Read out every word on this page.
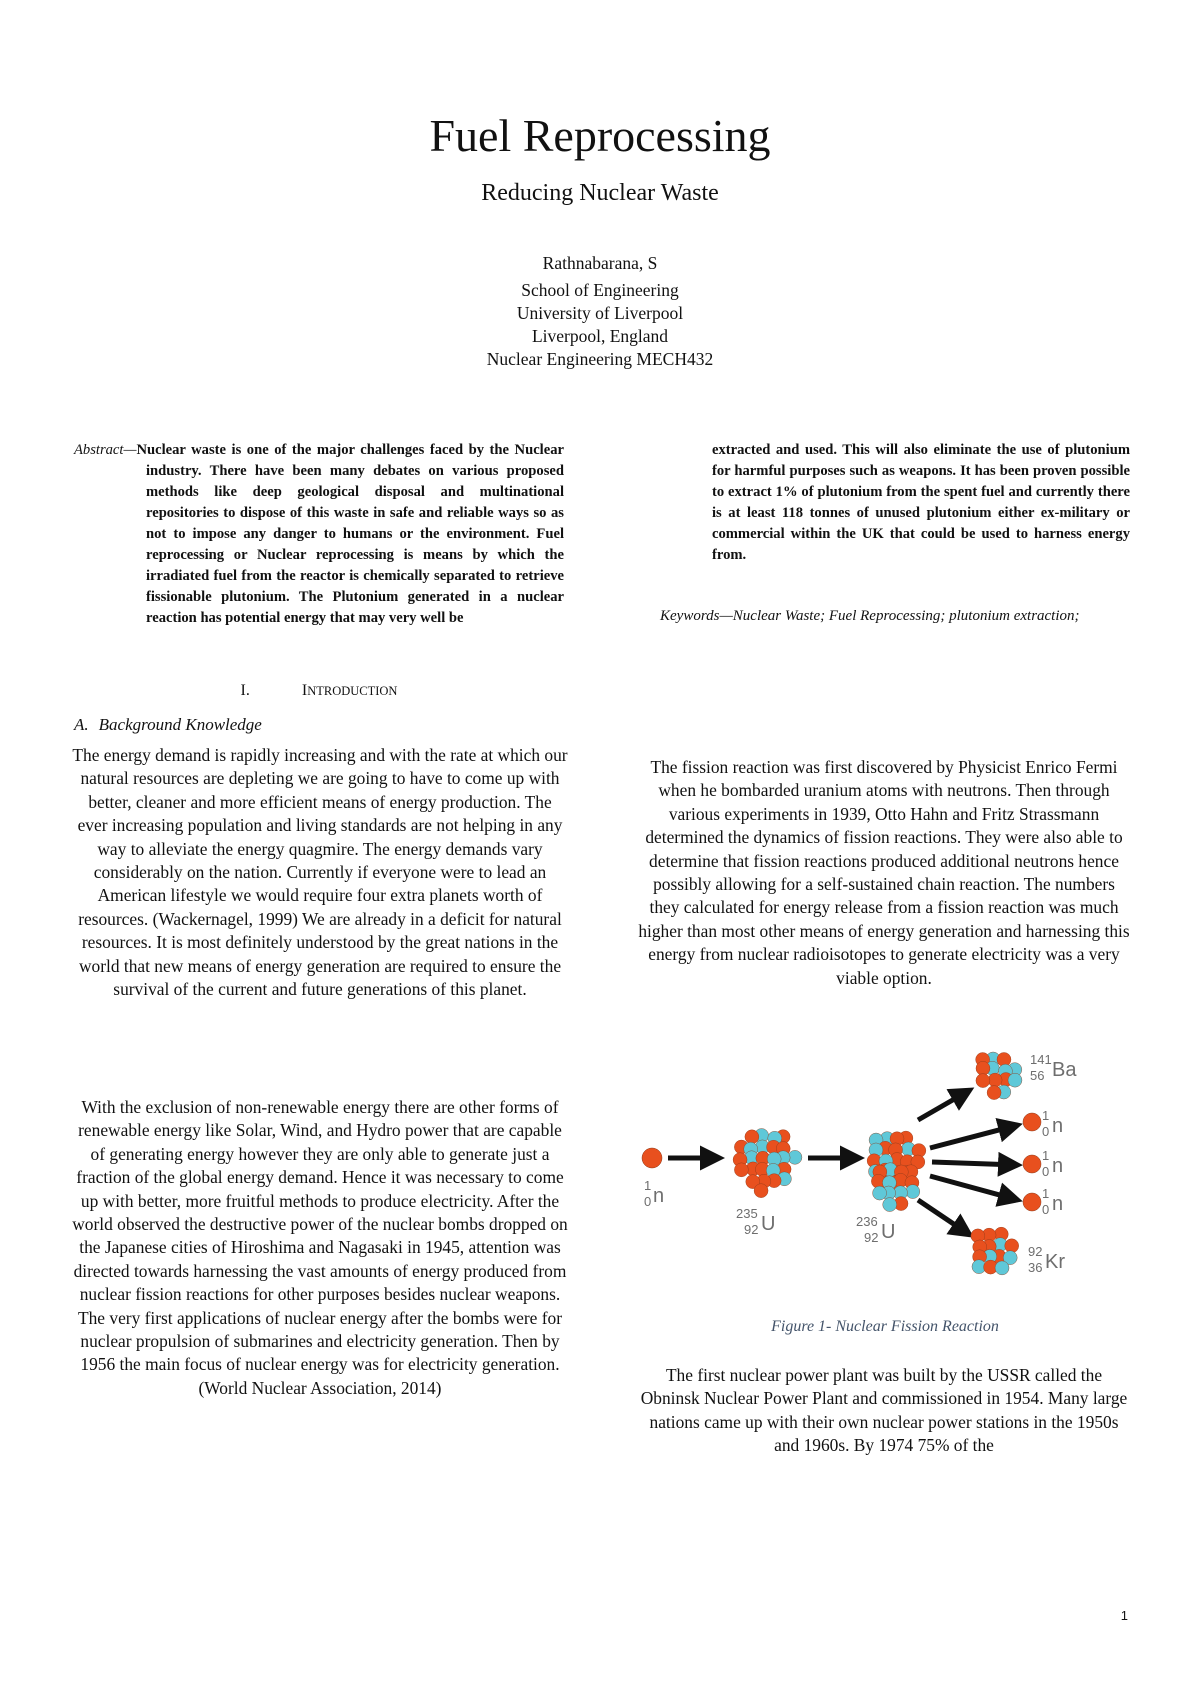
Fuel Reprocessing
Reducing Nuclear Waste
Rathnabarana, S
School of Engineering
University of Liverpool
Liverpool, England
Nuclear Engineering MECH432
Abstract—Nuclear waste is one of the major challenges faced by the Nuclear industry. There have been many debates on various proposed methods like deep geological disposal and multinational repositories to dispose of this waste in safe and reliable ways so as not to impose any danger to humans or the environment. Fuel reprocessing or Nuclear reprocessing is means by which the irradiated fuel from the reactor is chemically separated to retrieve fissionable plutonium. The Plutonium generated in a nuclear reaction has potential energy that may very well be
extracted and used. This will also eliminate the use of plutonium for harmful purposes such as weapons. It has been proven possible to extract 1% of plutonium from the spent fuel and currently there is at least 118 tonnes of unused plutonium either ex-military or commercial within the UK that could be used to harness energy from.
Keywords—Nuclear Waste; Fuel Reprocessing; plutonium extraction;
I.	INTRODUCTION
A. Background Knowledge
The energy demand is rapidly increasing and with the rate at which our natural resources are depleting we are going to have to come up with better, cleaner and more efficient means of energy production. The ever increasing population and living standards are not helping in any way to alleviate the energy quagmire. The energy demands vary considerably on the nation. Currently if everyone were to lead an American lifestyle we would require four extra planets worth of resources. (Wackernagel, 1999) We are already in a deficit for natural resources. It is most definitely understood by the great nations in the world that new means of energy generation are required to ensure the survival of the current and future generations of this planet.
With the exclusion of non-renewable energy there are other forms of renewable energy like Solar, Wind, and Hydro power that are capable of generating energy however they are only able to generate just a fraction of the global energy demand. Hence it was necessary to come up with better, more fruitful methods to produce electricity. After the world observed the destructive power of the nuclear bombs dropped on the Japanese cities of Hiroshima and Nagasaki in 1945, attention was directed towards harnessing the vast amounts of energy produced from nuclear fission reactions for other purposes besides nuclear weapons. The very first applications of nuclear energy after the bombs were for nuclear propulsion of submarines and electricity generation. Then by 1956 the main focus of nuclear energy was for electricity generation. (World Nuclear Association, 2014)
The fission reaction was first discovered by Physicist Enrico Fermi when he bombarded uranium atoms with neutrons. Then through various experiments in 1939, Otto Hahn and Fritz Strassmann determined the dynamics of fission reactions. They were also able to determine that fission reactions produced additional neutrons hence possibly allowing for a self-sustained chain reaction. The numbers they calculated for energy release from a fission reaction was much higher than most other means of energy generation and harnessing this energy from nuclear radioisotopes to generate electricity was a very viable option.
1
0 n
235
92 U	236
92 U
141
56 Ba
92
36 Kr
1
0 n
1
0 n
1
0 n
Figure 1- Nuclear Fission Reaction
The first nuclear power plant was built by the USSR called the Obninsk Nuclear Power Plant and commissioned in 1954. Many large nations came up with their own nuclear power stations in the 1950s and 1960s. By 1974 75% of the
1
